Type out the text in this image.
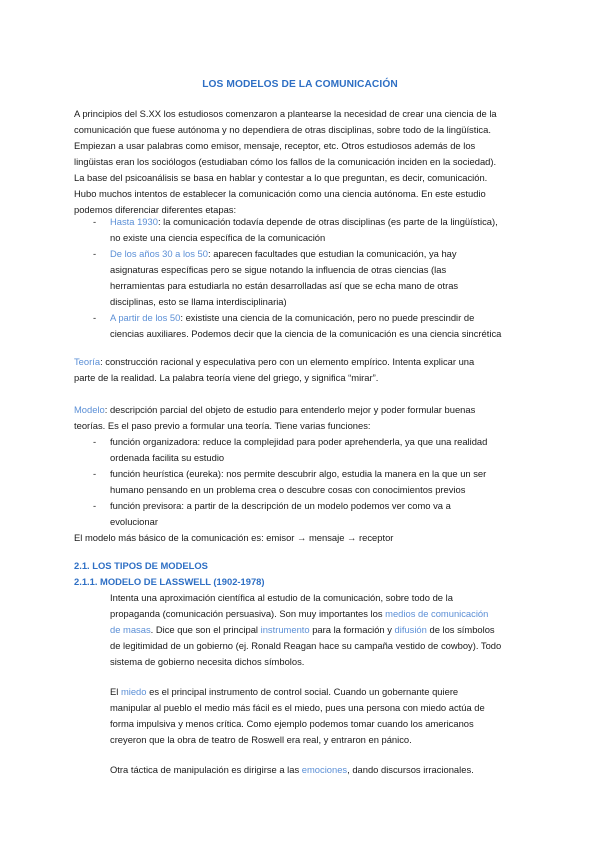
LOS MODELOS DE LA COMUNICACIÓN
A principios del S.XX los estudiosos comenzaron a plantearse la necesidad de crear una ciencia de la
comunicación que fuese autónoma y no dependiera de otras disciplinas, sobre todo de la lingüística.
Empiezan a usar palabras como emisor, mensaje, receptor, etc. Otros estudiosos además de los
lingüistas eran los sociólogos (estudiaban cómo los fallos de la comunicación inciden en la sociedad).
La base del psicoanálisis se basa en hablar y contestar a lo que preguntan, es decir, comunicación.
Hubo muchos intentos de establecer la comunicación como una ciencia autónoma. En este estudio
podemos diferenciar diferentes etapas:
- Hasta 1930: la comunicación todavía depende de otras disciplinas (es parte de la lingüística),
no existe una ciencia específica de la comunicación
- De los años 30 a los 50: aparecen facultades que estudian la comunicación, ya hay
asignaturas específicas pero se sigue notando la influencia de otras ciencias (las
herramientas para estudiarla no están desarrolladas así que se echa mano de otras
disciplinas, esto se llama interdisciplinaria)
- A partir de los 50: exististe una ciencia de la comunicación, pero no puede prescindir de
ciencias auxiliares. Podemos decir que la ciencia de la comunicación es una ciencia sincrética
Teoría: construcción racional y especulativa pero con un elemento empírico. Intenta explicar una
parte de la realidad. La palabra teoría viene del griego, y significa “mirar”.
Modelo: descripción parcial del objeto de estudio para entenderlo mejor y poder formular buenas
teorías. Es el paso previo a formular una teoría. Tiene varias funciones:
- función organizadora: reduce la complejidad para poder aprehenderla, ya que una realidad
ordenada facilita su estudio
- función heurística (eureka): nos permite descubrir algo, estudia la manera en la que un ser
humano pensando en un problema crea o descubre cosas con conocimientos previos
- función previsora: a partir de la descripción de un modelo podemos ver como va a
evolucionar
El modelo más básico de la comunicación es: emisor → mensaje → receptor
2.1. LOS TIPOS DE MODELOS
2.1.1. MODELO DE LASSWELL (1902-1978)
Intenta una aproximación científica al estudio de la comunicación, sobre todo de la
propaganda (comunicación persuasiva). Son muy importantes los medios de comunicación
de masas. Dice que son el principal instrumento para la formación y difusión de los símbolos
de legitimidad de un gobierno (ej. Ronald Reagan hace su campaña vestido de cowboy). Todo
sistema de gobierno necesita dichos símbolos.
El miedo es el principal instrumento de control social. Cuando un gobernante quiere
manipular al pueblo el medio más fácil es el miedo, pues una persona con miedo actúa de
forma impulsiva y menos crítica. Como ejemplo podemos tomar cuando los americanos
creyeron que la obra de teatro de Roswell era real, y entraron en pánico.
Otra táctica de manipulación es dirigirse a las emociones, dando discursos irracionales.
